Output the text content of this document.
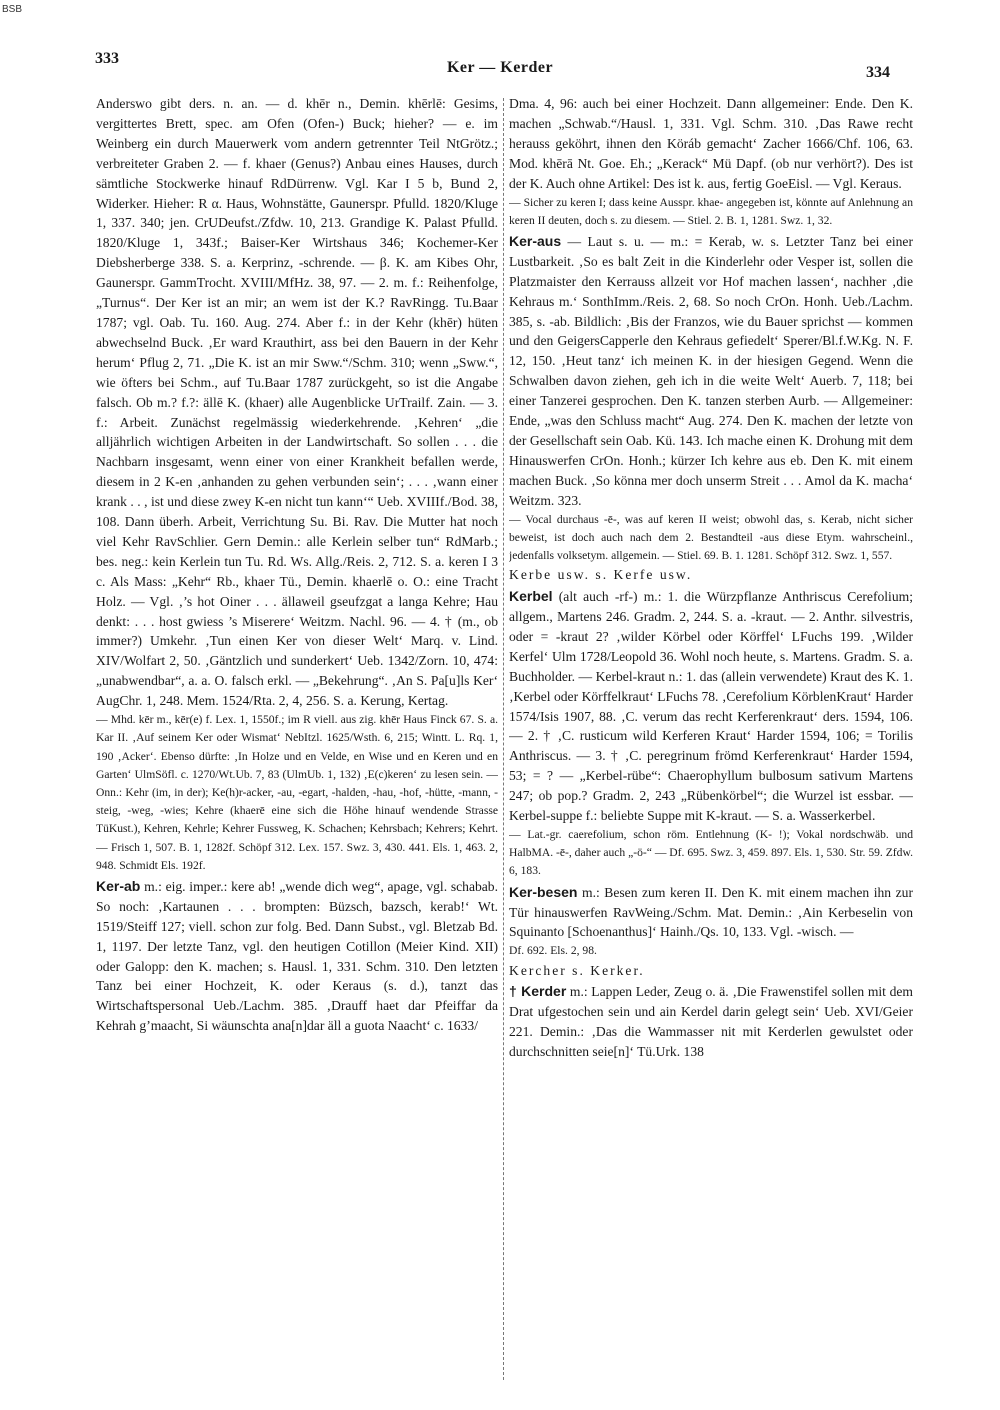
BSB
333
Ker — Kerder	334

Anderswo gibt ders. n. an. — d. khēr n., Demin. khērlē: Gesims, vergittertes Brett, spec. am Ofen (Ofen-) Buck; hieher? — e. im Weinberg ein durch Mauerwerk vom andern getrennter Teil NtGrötz.; verbreiteter Graben 2. — f. khaer (Genus?) Anbau eines Hauses, durch sämtliche Stockwerke hinauf RdDürrenw. Vgl. Kar I 5 b, Bund 2, Widerker. Hieher: R α. Haus, Wohnstätte, Gaunerspr. Pfulld. 1820/Kluge 1, 337. 340; jen. CrUDeufst./Zfdw. 10, 213. Grandige K. Palast Pfulld. 1820/Kluge 1, 343f.; Baiser-Ker Wirtshaus 346; Kochemer-Ker Diebsherberge 338. S. a. Kerprinz, -schrende. — β. K. am Kibes Ohr, Gaunerspr. GammTrocht. XVIII/MfHz. 38, 97. — 2. m. f.: Reihenfolge, „Turnus“. Der Ker ist an mir; an wem ist der K.? RavRingg. Tu.Baar 1787; vgl. Oab. Tu. 160. Aug. 274. Aber f.: in der Kehr (khēr) hüten abwechselnd Buck. ‚Er ward Krauthirt, ass bei den Bauern in der Kehr herum‘ Pflug 2, 71. „Die K. ist an mir Sww.“/Schm. 310; wenn „Sww.“, wie öfters bei Schm., auf Tu.Baar 1787 zurückgeht, so ist die Angabe falsch. Ob m.? f.?: ällē K. (khaer) alle Augenblicke UrTrailf. Zain. — 3. f.: Arbeit. Zunächst regelmässig wiederkehrende. ‚Kehren‘ „die alljährlich wichtigen Arbeiten in der Landwirtschaft. So sollen . . . die Nachbarn insgesamt, wenn einer von einer Krankheit befallen werde, diesem in 2 K-en ‚anhanden zu gehen verbunden sein‘; . . . ‚wann einer krank . . , ist und diese zwey K-en nicht tun kann‘“ Ueb. XVIIIf./Bod. 38, 108. Dann überh. Arbeit, Verrichtung Su. Bi. Rav. Die Mutter hat noch viel Kehr RavSchlier. Gern Demin.: alle Kerlein selber tun“ RdMarb.; bes. neg.: kein Kerlein tun Tu. Rd. Ws. Allg./Reis. 2, 712. S. a. keren I 3 c. Als Mass: „Kehr“ Rb., khaer Tü., Demin. khaerlē o. O.: eine Tracht Holz. — Vgl. ‚’s hot Oiner . . . ällaweil gseufzgat a langa Kehre; Hau denkt: . . . host gwiess ’s Miserere‘ Weitzm. Nachl. 96. — 4. † (m., ob immer?) Umkehr. ‚Tun einen Ker von dieser Welt‘ Marq. v. Lind. XIV/Wolfart 2, 50. ‚Gäntzlich und sunderkert‘ Ueb. 1342/Zorn. 10, 474: „unabwendbar“, a. a. O. falsch erkl. — „Bekehrung“. ‚An S. Pa[u]ls Ker‘ AugChr. 1, 248. Mem. 1524/Rta. 2, 4, 256. S. a. Kerung, Kertag.

— Mhd. kēr m., kēr(e) f. Lex. 1, 1550f.; im R viell. aus zig. khēr Haus Finck 67. S. a. Kar II. ‚Auf seinem Ker oder Wismat‘ NebItzl. 1625/Wsth. 6, 215; Wintt. L. Rq. 1, 190 ‚Acker‘. Ebenso dürfte: ‚In Holze und en Velde, en Wise und en Keren und en Garten‘ UlmSöfl. c. 1270/Wt.Ub. 7, 83 (UlmUb. 1, 132) ‚E(c)keren‘ zu lesen sein. — Onn.: Kehr (im, in der); Ke(h)r-acker, -au, -egart, -halden, -hau, -hof, -hütte, -mann, -steig, -weg, -wies; Kehre (khaerē eine sich die Höhe hinauf wendende Strasse TüKust.), Kehren, Kehrle; Kehrer Fussweg, K. Schachen; Kehrsbach; Kehrers; Kehrt. — Frisch 1, 507. B. 1, 1282f. Schöpf 312. Lex. 157. Swz. 3, 430. 441. Els. 1, 463. 2, 948. Schmidt Els. 192f.

Ker-ab m.: eig. imper.: kere ab! „wende dich weg“, apage, vgl. schabab. So noch: ‚Kartaunen . . . brompten: Büzsch, bazsch, kerab!‘ Wt. 1519/Steiff 127; viell. schon zur folg. Bed. Dann Subst., vgl. Bletzab Bd. 1, 1197. Der letzte Tanz, vgl. den heutigen Cotillon (Meier Kind. XII) oder Galopp: den K. machen; s. Hausl. 1, 331. Schm. 310. Den letzten Tanz bei einer Hochzeit, K. oder Keraus (s. d.), tanzt das Wirtschaftspersonal Ueb./Lachm. 385. ‚Drauff haet dar Pfeiffar da Kehrah g’maacht, Si wäunschta ana[n]dar äll a guota Naacht‘ c. 1633/

Dma. 4, 96: auch bei einer Hochzeit. Dann allgemeiner: Ende. Den K. machen „Schwab.“/Hausl. 1, 331. Vgl. Schm. 310. ‚Das Rawe recht herauss geköhrt, ihnen den Köráb gemacht‘ Zacher 1666/Chf. 106, 63. Mod. khērā Nt. Goe. Eh.; „Kerack“ Mü Dapf. (ob nur verhört?). Des ist der K. Auch ohne Artikel: Des ist k. aus, fertig GoeEisl. — Vgl. Keraus.

— Sicher zu keren I; dass keine Ausspr. khae- angegeben ist, könnte auf Anlehnung an keren II deuten, doch s. zu diesem. — Stiel. 2. B. 1, 1281. Swz. 1, 32.

Ker-aus — Laut s. u. — m.: = Kerab, w. s. Letzter Tanz bei einer Lustbarkeit. ‚So es balt Zeit in die Kinderlehr oder Vesper ist, sollen die Platzmaister den Kerrauss allzeit vor Hof machen lassen‘, nachher ‚die Kehraus m.‘ SonthImm./Reis. 2, 68. So noch CrOn. Honh. Ueb./Lachm. 385, s. -ab. Bildlich: ‚Bis der Franzos, wie du Bauer sprichst — kommen und den GeigersCapperle den Kehraus gefiedelt‘ Sperer/Bl.f.W.Kg. N. F. 12, 150. ‚Heut tanz‘ ich meinen K. in der hiesigen Gegend. Wenn die Schwalben davon ziehen, geh ich in die weite Welt‘ Auerb. 7, 118; bei einer Tanzerei gesprochen. Den K. tanzen sterben Aurb. — Allgemeiner: Ende, „was den Schluss macht“ Aug. 274. Den K. machen der letzte von der Gesellschaft sein Oab. Kü. 143. Ich mache einen K. Drohung mit dem Hinauswerfen CrOn. Honh.; kürzer Ich kehre aus eb. Den K. mit einem machen Buck. ‚So könna mer doch unserm Streit . . . Amol da K. macha‘ Weitzm. 323.

— Vocal durchaus -ē-, was auf keren II weist; obwohl das, s. Kerab, nicht sicher beweist, ist doch auch nach dem 2. Bestandteil -aus diese Etym. wahrscheinl., jedenfalls volksetym. allgemein. — Stiel. 69. B. 1. 1281. Schöpf 312. Swz. 1, 557.

Kerbe usw. s. Kerfe usw.

Kerbel (alt auch -rf-) m.: 1. die Würzpflanze Anthriscus Cerefolium; allgem., Martens 246. Gradm. 2, 244. S. a. -kraut. — 2. Anthr. silvestris, oder = -kraut 2? ‚wilder Körbel oder Körffel‘ LFuchs 199. ‚Wilder Kerfel‘ Ulm 1728/Leopold 36. Wohl noch heute, s. Martens. Gradm. S. a. Buchholder. — Kerbel-kraut n.: 1. das (allein verwendete) Kraut des K. 1. ‚Kerbel oder Körffelkraut‘ LFuchs 78. ‚Cerefolium KörblenKraut‘ Harder 1574/Isis 1907, 88. ‚C. verum das recht Kerferenkraut‘ ders. 1594, 106. — 2. † ‚C. rusticum wild Kerferen Kraut‘ Harder 1594, 106; = Torilis Anthriscus. — 3. † ‚C. peregrinum frömd Kerferenkraut‘ Harder 1594, 53; = ? — „Kerbel-rübe“: Chaerophyllum bulbosum sativum Martens 247; ob pop.? Gradm. 2, 243 „Rübenkörbel“; die Wurzel ist essbar. — Kerbel-suppe f.: beliebte Suppe mit K-kraut. — S. a. Wasserkerbel.

— Lat.-gr. caerefolium, schon röm. Entlehnung (K- !); Vokal nordschwäb. und HalbMA. -ē-, daher auch „-ö-“ — Df. 695. Swz. 3, 459. 897. Els. 1, 530. Str. 59. Zfdw. 6, 183.

Ker-besen m.: Besen zum keren II. Den K. mit einem machen ihn zur Tür hinauswerfen RavWeing./Schm. Mat. Demin.: ‚Ain Kerbeselin von Squinanto [Schoenanthus]‘ Hainh./Qs. 10, 133. Vgl. -wisch. —

Df. 692. Els. 2, 98.

Kercher s. Kerker.

† Kerder m.: Lappen Leder, Zeug o. ä. ‚Die Frawenstifel sollen mit dem Drat ufgestochen sein und ain Kerdel darin gelegt sein‘ Ueb. XVI/Geier 221. Demin.: ‚Das die Wammasser nit mit Kerderlen gewulstet oder durchschnitten seie[n]‘ Tü.Urk. 138
